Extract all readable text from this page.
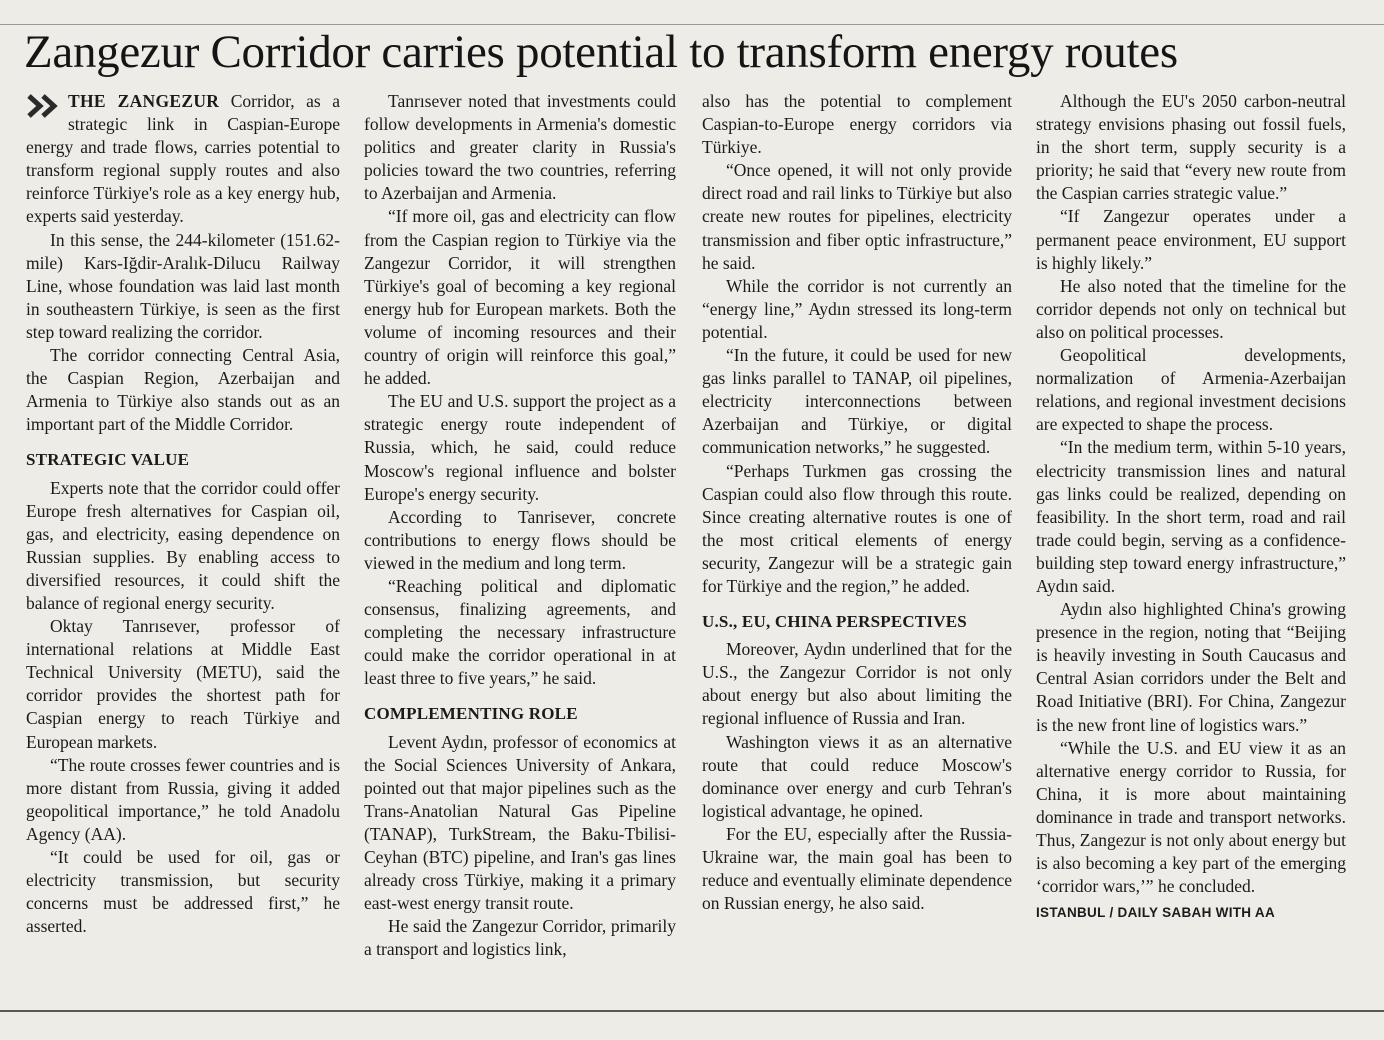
Zangezur Corridor carries potential to transform energy routes

THE ZANGEZUR Corridor, as a strategic link in Caspian-Europe energy and trade flows, carries potential to transform regional supply routes and also reinforce Türkiye's role as a key energy hub, experts said yesterday.

In this sense, the 244-kilometer (151.62-mile) Kars-Iğdir-Aralık-Dilucu Railway Line, whose foundation was laid last month in southeastern Türkiye, is seen as the first step toward realizing the corridor.

The corridor connecting Central Asia, the Caspian Region, Azerbaijan and Armenia to Türkiye also stands out as an important part of the Middle Corridor.

STRATEGIC VALUE

Experts note that the corridor could offer Europe fresh alternatives for Caspian oil, gas, and electricity, easing dependence on Russian supplies. By enabling access to diversified resources, it could shift the balance of regional energy security.

Oktay Tanrısever, professor of international relations at Middle East Technical University (METU), said the corridor provides the shortest path for Caspian energy to reach Türkiye and European markets.

“The route crosses fewer countries and is more distant from Russia, giving it added geopolitical importance,” he told Anadolu Agency (AA).

“It could be used for oil, gas or electricity transmission, but security concerns must be addressed first,” he asserted.

Tanrısever noted that investments could follow developments in Armenia's domestic politics and greater clarity in Russia's policies toward the two countries, referring to Azerbaijan and Armenia.

“If more oil, gas and electricity can flow from the Caspian region to Türkiye via the Zangezur Corridor, it will strengthen Türkiye's goal of becoming a key regional energy hub for European markets. Both the volume of incoming resources and their country of origin will reinforce this goal,” he added.

The EU and U.S. support the project as a strategic energy route independent of Russia, which, he said, could reduce Moscow's regional influence and bolster Europe's energy security.

According to Tanrisever, concrete contributions to energy flows should be viewed in the medium and long term.

“Reaching political and diplomatic consensus, finalizing agreements, and completing the necessary infrastructure could make the corridor operational in at least three to five years,” he said.

COMPLEMENTING ROLE

Levent Aydın, professor of economics at the Social Sciences University of Ankara, pointed out that major pipelines such as the Trans-Anatolian Natural Gas Pipeline (TANAP), TurkStream, the Baku-Tbilisi-Ceyhan (BTC) pipeline, and Iran's gas lines already cross Türkiye, making it a primary east-west energy transit route.

He said the Zangezur Corridor, primarily a transport and logistics link,

also has the potential to complement Caspian-to-Europe energy corridors via Türkiye.

“Once opened, it will not only provide direct road and rail links to Türkiye but also create new routes for pipelines, electricity transmission and fiber optic infrastructure,” he said.

While the corridor is not currently an “energy line,” Aydın stressed its long-term potential.

“In the future, it could be used for new gas links parallel to TANAP, oil pipelines, electricity interconnections between Azerbaijan and Türkiye, or digital communication networks,” he suggested.

“Perhaps Turkmen gas crossing the Caspian could also flow through this route. Since creating alternative routes is one of the most critical elements of energy security, Zangezur will be a strategic gain for Türkiye and the region,” he added.

U.S., EU, CHINA PERSPECTIVES

Moreover, Aydın underlined that for the U.S., the Zangezur Corridor is not only about energy but also about limiting the regional influence of Russia and Iran.

Washington views it as an alternative route that could reduce Moscow's dominance over energy and curb Tehran's logistical advantage, he opined.

For the EU, especially after the Russia-Ukraine war, the main goal has been to reduce and eventually eliminate dependence on Russian energy, he also said.

Although the EU's 2050 carbon-neutral strategy envisions phasing out fossil fuels, in the short term, supply security is a priority; he said that “every new route from the Caspian carries strategic value.”

“If Zangezur operates under a permanent peace environment, EU support is highly likely.”

He also noted that the timeline for the corridor depends not only on technical but also on political processes.

Geopolitical developments, normalization of Armenia-Azerbaijan relations, and regional investment decisions are expected to shape the process.

“In the medium term, within 5-10 years, electricity transmission lines and natural gas links could be realized, depending on feasibility. In the short term, road and rail trade could begin, serving as a confidence-building step toward energy infrastructure,” Aydın said.

Aydın also highlighted China's growing presence in the region, noting that “Beijing is heavily investing in South Caucasus and Central Asian corridors under the Belt and Road Initiative (BRI). For China, Zangezur is the new front line of logistics wars.”

“While the U.S. and EU view it as an alternative energy corridor to Russia, for China, it is more about maintaining dominance in trade and transport networks. Thus, Zangezur is not only about energy but is also becoming a key part of the emerging ‘corridor wars,’” he concluded.

ISTANBUL / DAILY SABAH WITH AA
